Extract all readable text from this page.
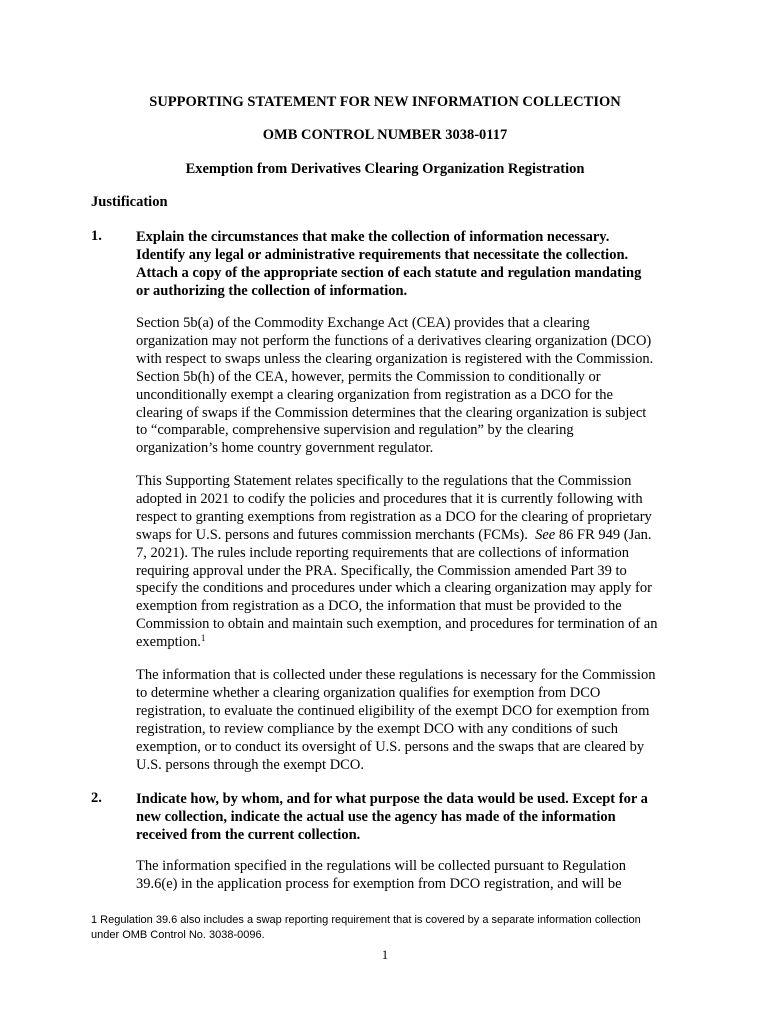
SUPPORTING STATEMENT FOR NEW INFORMATION COLLECTION
OMB CONTROL NUMBER 3038-0117
Exemption from Derivatives Clearing Organization Registration
Justification
1. Explain the circumstances that make the collection of information necessary.
Identify any legal or administrative requirements that necessitate the collection.
Attach a copy of the appropriate section of each statute and regulation mandating
or authorizing the collection of information.

Section 5b(a) of the Commodity Exchange Act (CEA) provides that a clearing
organization may not perform the functions of a derivatives clearing organization (DCO)
with respect to swaps unless the clearing organization is registered with the Commission.
Section 5b(h) of the CEA, however, permits the Commission to conditionally or
unconditionally exempt a clearing organization from registration as a DCO for the
clearing of swaps if the Commission determines that the clearing organization is subject
to “comparable, comprehensive supervision and regulation” by the clearing
organization’s home country government regulator.

This Supporting Statement relates specifically to the regulations that the Commission
adopted in 2021 to codify the policies and procedures that it is currently following with
respect to granting exemptions from registration as a DCO for the clearing of proprietary
swaps for U.S. persons and futures commission merchants (FCMs).  See 86 FR 949 (Jan.
7, 2021). The rules include reporting requirements that are collections of information
requiring approval under the PRA. Specifically, the Commission amended Part 39 to
specify the conditions and procedures under which a clearing organization may apply for
exemption from registration as a DCO, the information that must be provided to the
Commission to obtain and maintain such exemption, and procedures for termination of an
exemption.$^1$

The information that is collected under these regulations is necessary for the Commission
to determine whether a clearing organization qualifies for exemption from DCO
registration, to evaluate the continued eligibility of the exempt DCO for exemption from
registration, to review compliance by the exempt DCO with any conditions of such
exemption, or to conduct its oversight of U.S. persons and the swaps that are cleared by
U.S. persons through the exempt DCO.

2. Indicate how, by whom, and for what purpose the data would be used. Except for a
new collection, indicate the actual use the agency has made of the information
received from the current collection.

The information specified in the regulations will be collected pursuant to Regulation
39.6(e) in the application process for exemption from DCO registration, and will be

1 Regulation 39.6 also includes a swap reporting requirement that is covered by a separate information collection
under OMB Control No. 3038-0096.

1
